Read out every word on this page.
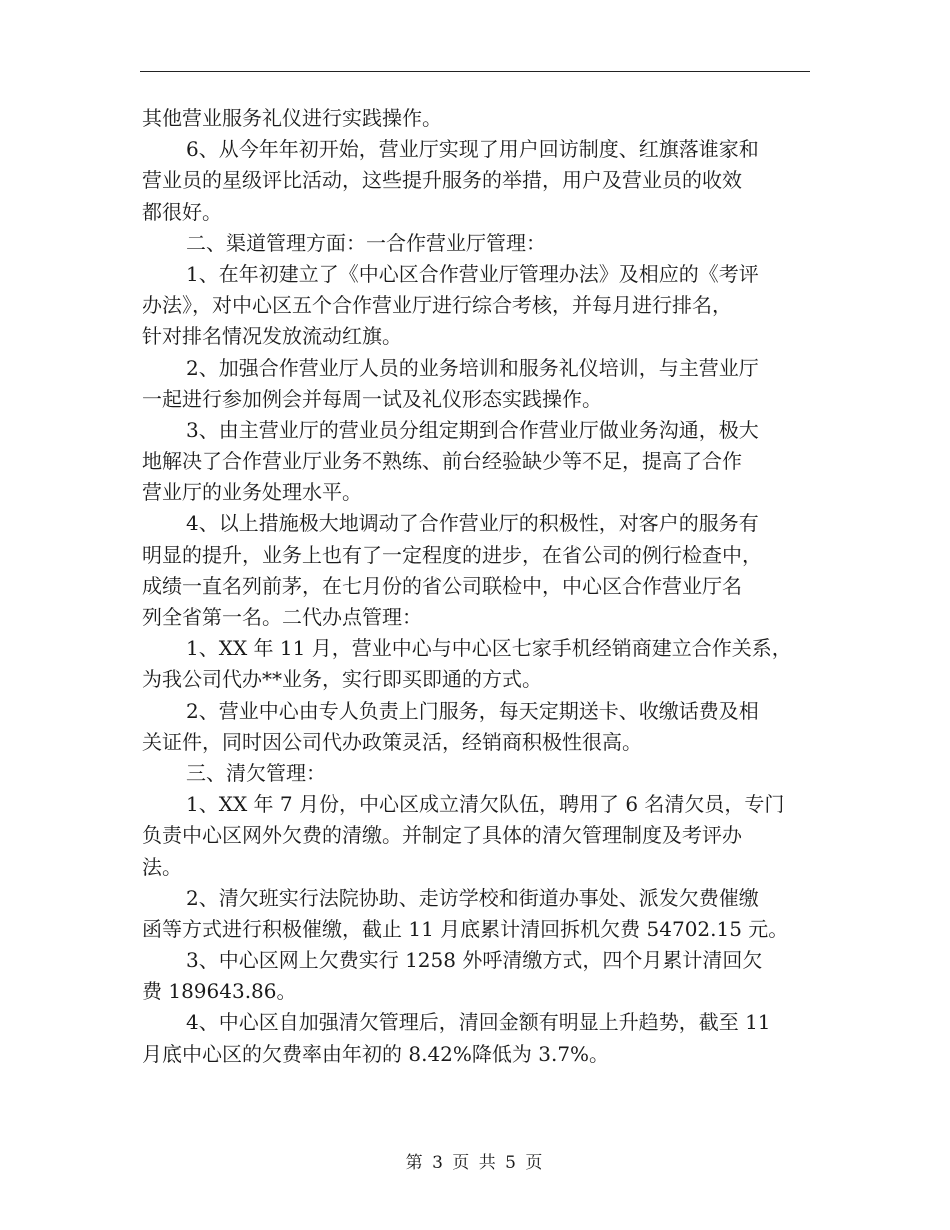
其他营业服务礼仪进行实践操作。
6、从今年年初开始，营业厅实现了用户回访制度、红旗落谁家和
营业员的星级评比活动，这些提升服务的举措，用户及营业员的收效
都很好。
二、渠道管理方面：一合作营业厅管理：
1、在年初建立了《中心区合作营业厅管理办法》及相应的《考评
办法》，对中心区五个合作营业厅进行综合考核，并每月进行排名，
针对排名情况发放流动红旗。
2、加强合作营业厅人员的业务培训和服务礼仪培训，与主营业厅
一起进行参加例会并每周一试及礼仪形态实践操作。
3、由主营业厅的营业员分组定期到合作营业厅做业务沟通，极大
地解决了合作营业厅业务不熟练、前台经验缺少等不足，提高了合作
营业厅的业务处理水平。
4、以上措施极大地调动了合作营业厅的积极性，对客户的服务有
明显的提升，业务上也有了一定程度的进步，在省公司的例行检查中，
成绩一直名列前茅，在七月份的省公司联检中，中心区合作营业厅名
列全省第一名。二代办点管理：
1、XX 年 11 月，营业中心与中心区七家手机经销商建立合作关系，
为我公司代办**业务，实行即买即通的方式。
2、营业中心由专人负责上门服务，每天定期送卡、收缴话费及相
关证件，同时因公司代办政策灵活，经销商积极性很高。
三、清欠管理：
1、XX 年 7 月份，中心区成立清欠队伍，聘用了 6 名清欠员，专门
负责中心区网外欠费的清缴。并制定了具体的清欠管理制度及考评办
法。
2、清欠班实行法院协助、走访学校和街道办事处、派发欠费催缴
函等方式进行积极催缴，截止 11 月底累计清回拆机欠费 54702.15 元。
3、中心区网上欠费实行 1258 外呼清缴方式，四个月累计清回欠
费 189643.86。
4、中心区自加强清欠管理后，清回金额有明显上升趋势，截至 11
月底中心区的欠费率由年初的 8.42%降低为 3.7%。
第 3 页 共 5 页
